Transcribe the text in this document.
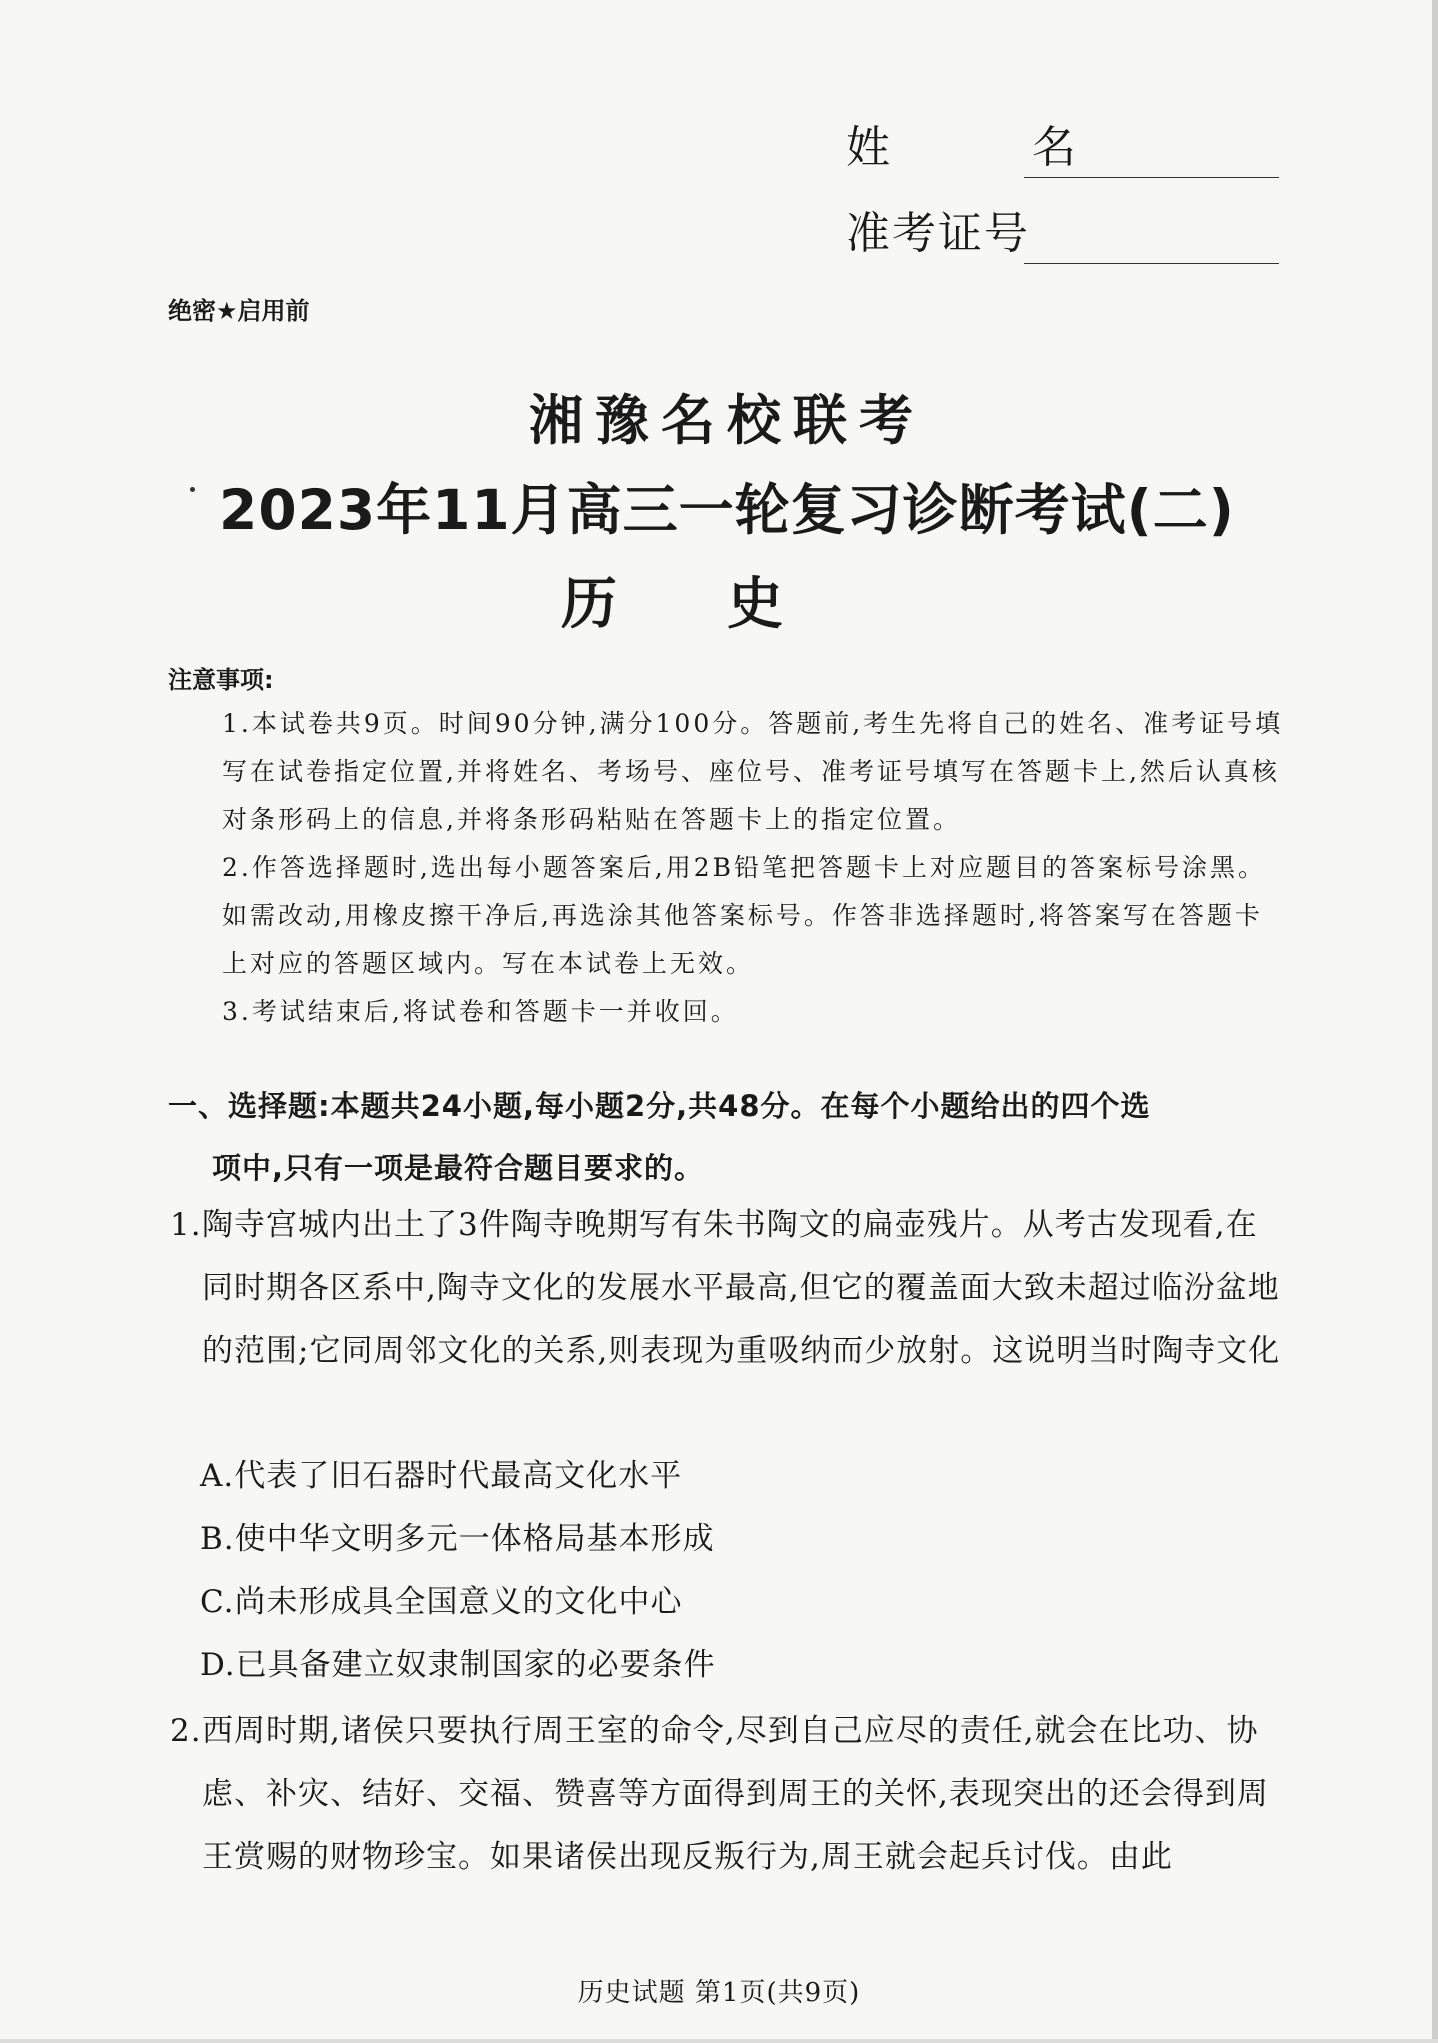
姓 名
准考证号
绝密★启用前
湘豫名校联考
2023年11月高三一轮复习诊断考试(二)
历史
注意事项:

1.本试卷共9页。时间90分钟,满分100分。答题前,考生先将自己的姓名、准考证号填写在试卷指定位置,并将姓名、考场号、座位号、准考证号填写在答题卡上,然后认真核对条形码上的信息,并将条形码粘贴在答题卡上的指定位置。

2.作答选择题时,选出每小题答案后,用2B铅笔把答题卡上对应题目的答案标号涂黑。如需改动,用橡皮擦干净后,再选涂其他答案标号。作答非选择题时,将答案写在答题卡上对应的答题区域内。写在本试卷上无效。

3.考试结束后,将试卷和答题卡一并收回。

一、选择题:本题共24小题,每小题2分,共48分。在每个小题给出的四个选
项中,只有一项是最符合题目要求的。
1. 陶寺宫城内出土了3件陶寺晚期写有朱书陶文的扁壶残片。从考古发现看,在同时期各区系中,陶寺文化的发展水平最高,但它的覆盖面大致未超过临汾盆地的范围;它同周邻文化的关系,则表现为重吸纳而少放射。这说明当时陶寺文化
A.代表了旧石器时代最高文化水平
B.使中华文明多元一体格局基本形成
C.尚未形成具全国意义的文化中心
D.已具备建立奴隶制国家的必要条件
2. 西周时期,诸侯只要执行周王室的命令,尽到自己应尽的责任,就会在比功、协虑、补灾、结好、交福、赞喜等方面得到周王的关怀,表现突出的还会得到周王赏赐的财物珍宝。如果诸侯出现反叛行为,周王就会起兵讨伐。由此
历史试题 第1页(共9页)
